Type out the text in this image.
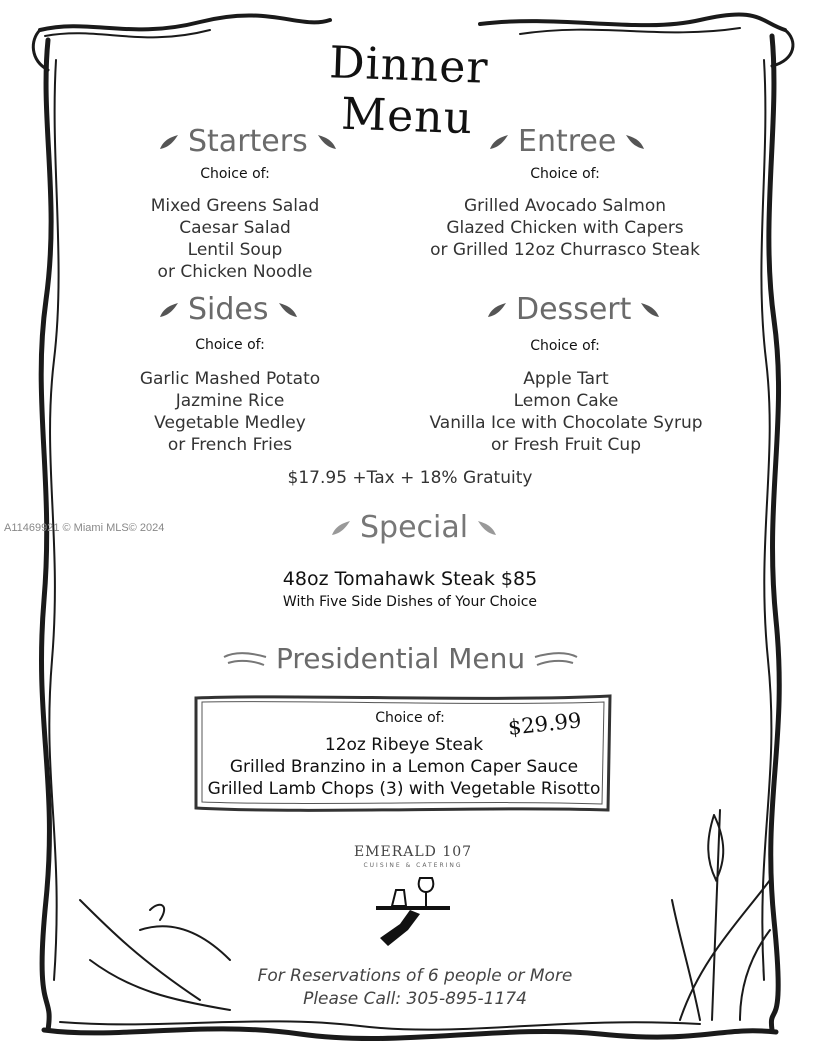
Dinner Menu
Starters
Choice of:
Mixed Greens Salad
Caesar Salad
Lentil Soup
or Chicken Noodle
Entree
Choice of:
Grilled Avocado Salmon
Glazed Chicken with Capers
or Grilled 12oz Churrasco Steak
Sides
Choice of:
Garlic Mashed Potato
Jazmine Rice
Vegetable Medley
or French Fries
Dessert
Choice of:
Apple Tart
Lemon Cake
Vanilla Ice with Chocolate Syrup
or Fresh Fruit Cup
$17.95 +Tax + 18% Gratuity
A11469921 © Miami MLS© 2024	Special
48oz Tomahawk Steak $85
With Five Side Dishes of Your Choice
Presidential Menu
Choice of:	$29.99
12oz Ribeye Steak
Grilled Branzino in a Lemon Caper Sauce
Grilled Lamb Chops (3) with Vegetable Risotto
EMERALD 107
CUISINE & CATERING
For Reservations of 6 people or More
Please Call: 305-895-1174
